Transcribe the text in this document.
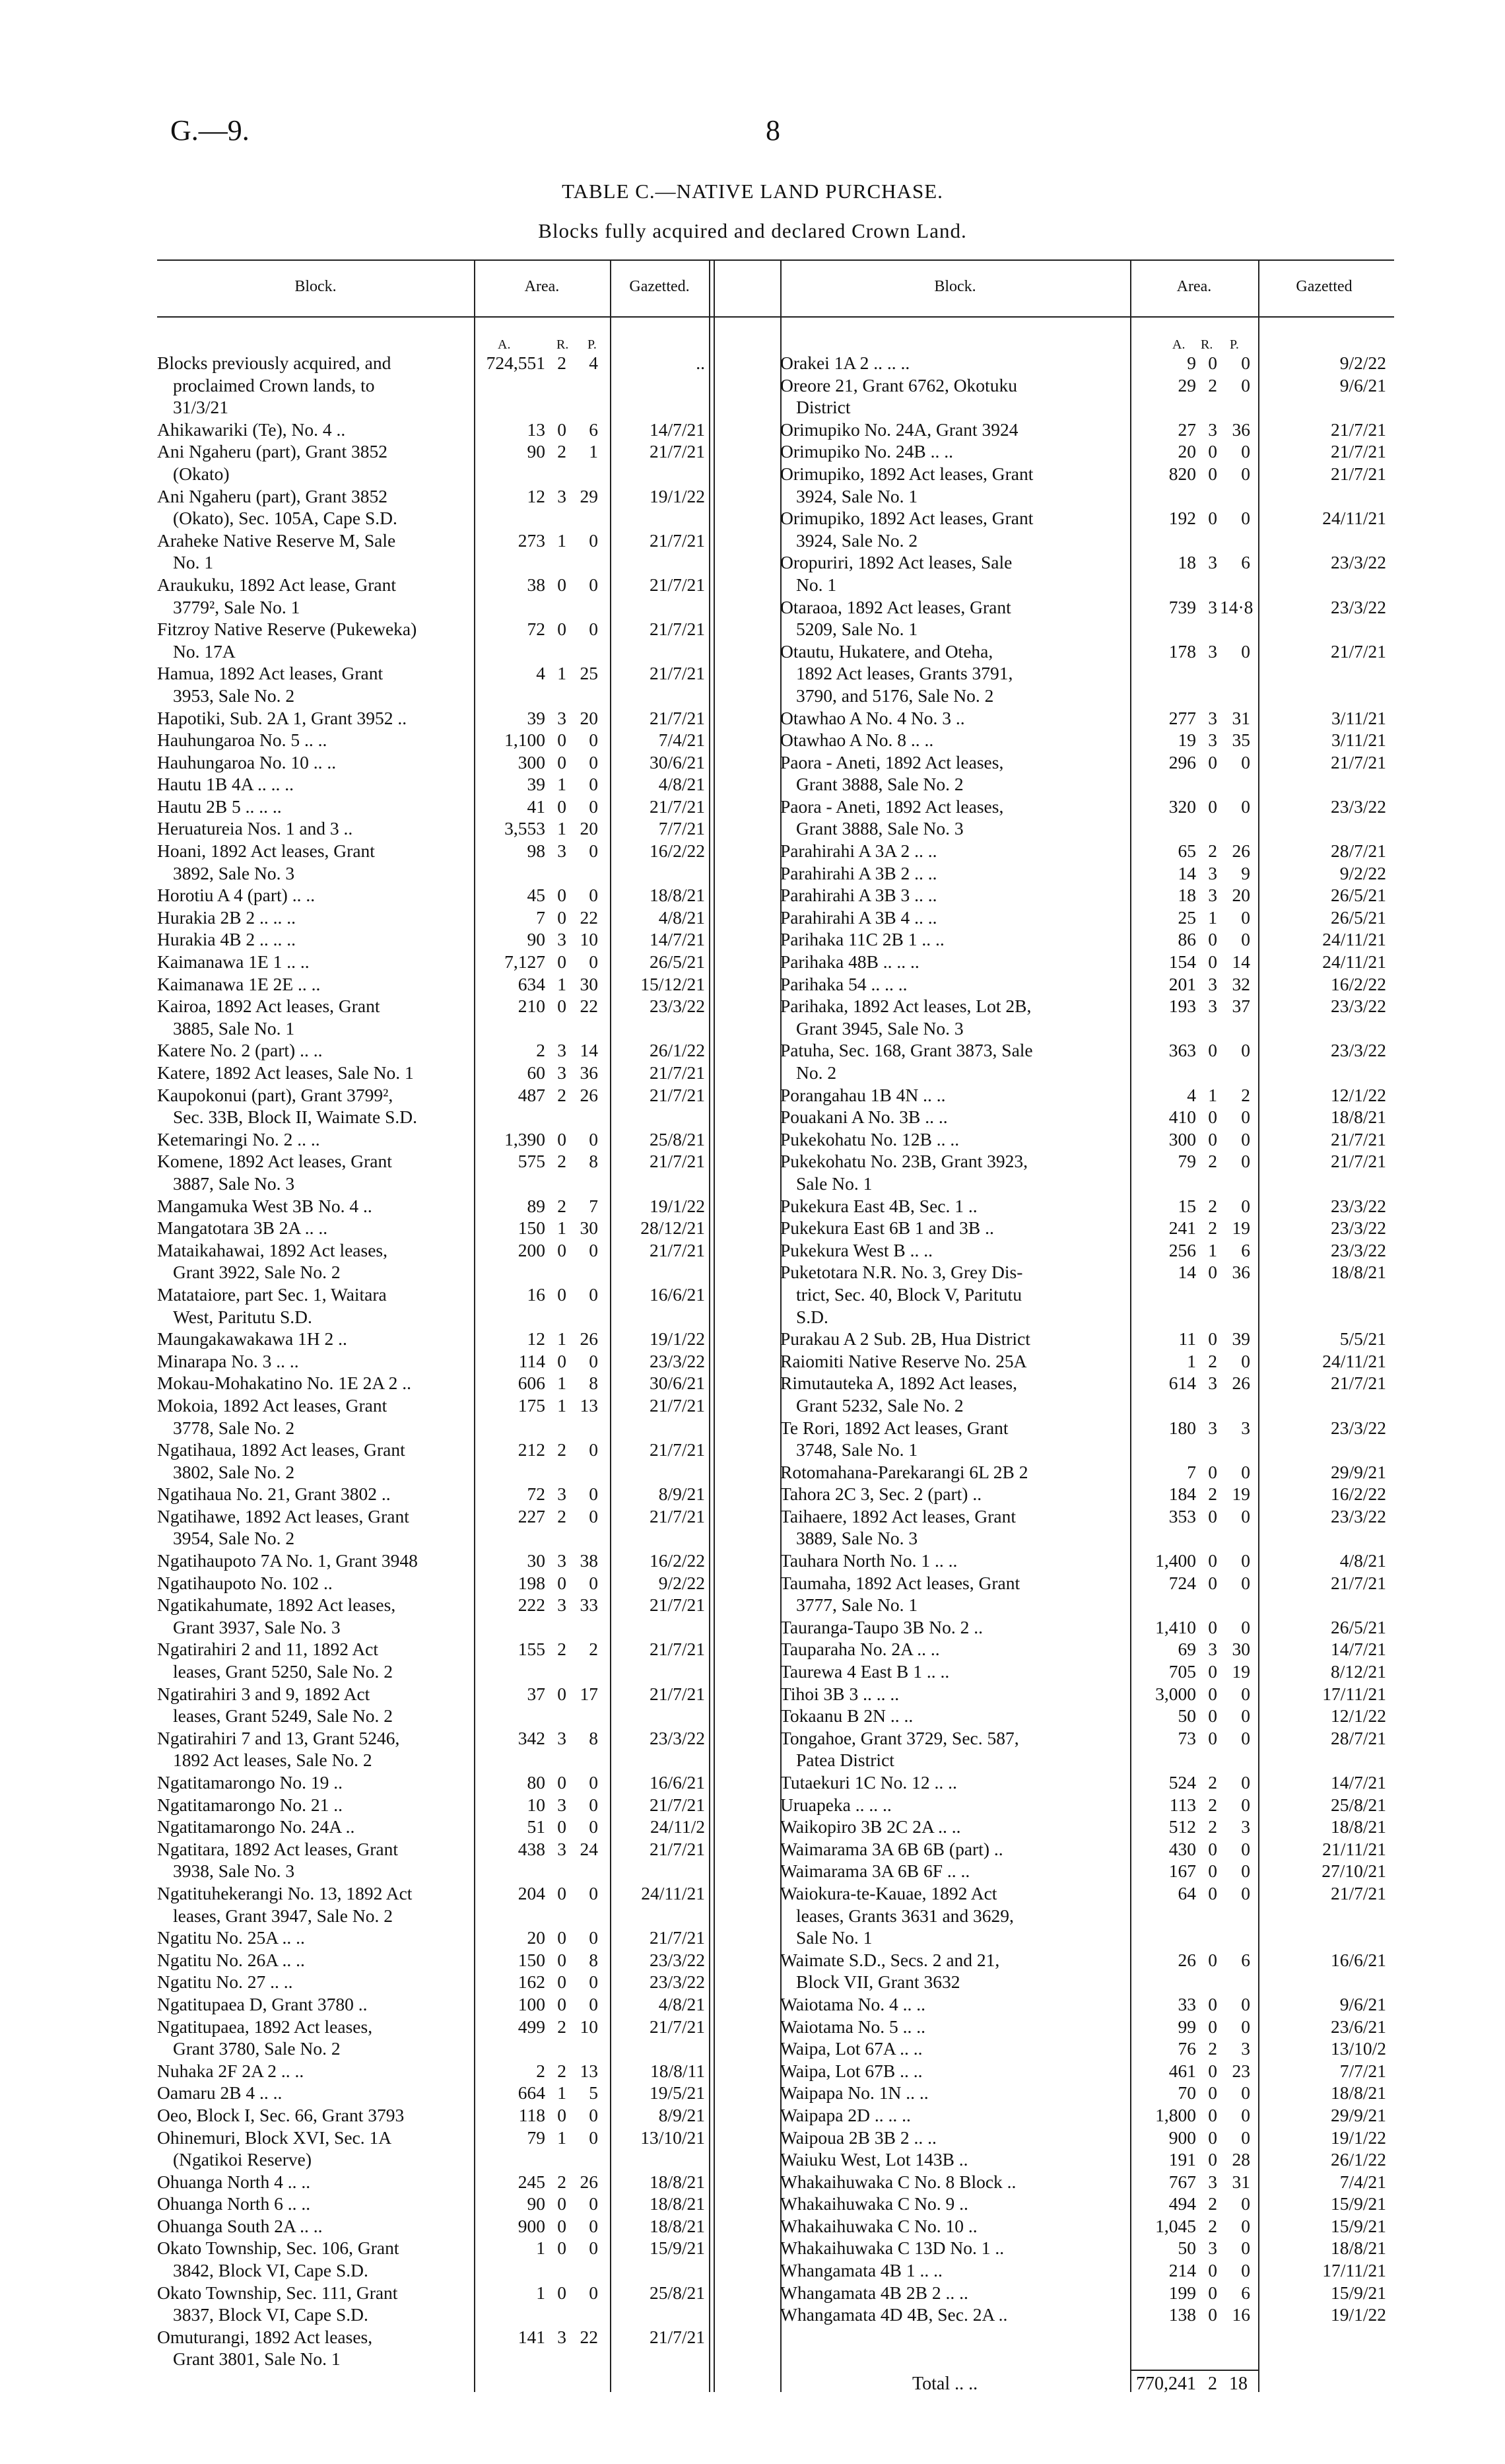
G.—9.	8
TABLE C.—NATIVE LAND PURCHASE.
Blocks fully acquired and declared Crown Land.
Block.	Area.	Gazetted.
A.	R. P.
Blocks previously acquired, and
proclaimed Crown lands, to
31/3/21
724,551 2	4	..
Ahikawariki (Te), No. 4 ..	13 0	6	14/7/21
Ani Ngaheru (part), Grant 3852
(Okato)
90 2	1	21/7/21
Ani Ngaheru (part), Grant 3852
(Okato), Sec. 105A, Cape S.D.
12 3 29	19/1/22
Araheke Native Reserve M, Sale
No. 1
273 1	0	21/7/21
Araukuku, 1892 Act lease, Grant
3779², Sale No. 1
38 0	0	21/7/21
Fitzroy Native Reserve (Pukeweka)
No. 17A
72 0	0	21/7/21
Hamua, 1892 Act leases, Grant
3953, Sale No. 2
4 1 25	21/7/21
Hapotiki, Sub. 2A 1, Grant 3952 ..	39 3 20	21/7/21
Hauhungaroa No. 5 .. ..	1,100 0	0	7/4/21
Hauhungaroa No. 10 .. ..	300 0	0	30/6/21
Hautu 1B 4A .. .. ..	39 1	0	4/8/21
Hautu 2B 5 .. .. ..	41 0	0	21/7/21
Heruatureia Nos. 1 and 3 ..	3,553 1 20	7/7/21
Hoani, 1892 Act leases, Grant
3892, Sale No. 3
98 3	0	16/2/22
Horotiu A 4 (part) .. ..	45 0	0	18/8/21
Hurakia 2B 2 .. .. ..	7 0 22	4/8/21
Hurakia 4B 2 .. .. ..	90 3 10	14/7/21
Kaimanawa 1E 1 .. ..	7,127 0	0	26/5/21
Kaimanawa 1E 2E .. ..	634 1 30	15/12/21
Kairoa, 1892 Act leases, Grant
3885, Sale No. 1
210 0 22	23/3/22
Katere No. 2 (part) .. ..	2 3 14	26/1/22
Katere, 1892 Act leases, Sale No. 1	60 3 36	21/7/21
Kaupokonui (part), Grant 3799²,
Sec. 33B, Block II, Waimate S.D.
487 2 26	21/7/21
Ketemaringi No. 2 .. ..	1,390 0	0	25/8/21
Komene, 1892 Act leases, Grant
3887, Sale No. 3
575 2	8	21/7/21
Mangamuka West 3B No. 4 ..	89 2	7	19/1/22
Mangatotara 3B 2A .. ..	150 1 30	28/12/21
Mataikahawai, 1892 Act leases,
Grant 3922, Sale No. 2
200 0	0	21/7/21
Matataiore, part Sec. 1, Waitara
West, Paritutu S.D.
16 0	0	16/6/21
Maungakawakawa 1H 2 ..	12 1 26	19/1/22
Minarapa No. 3 .. ..	114 0	0	23/3/22
Mokau-Mohakatino No. 1E 2A 2 ..	606 1	8	30/6/21
Mokoia, 1892 Act leases, Grant
3778, Sale No. 2
175 1 13	21/7/21
Ngatihaua, 1892 Act leases, Grant
3802, Sale No. 2
212 2	0	21/7/21
Ngatihaua No. 21, Grant 3802 ..	72 3	0	8/9/21
Ngatihawe, 1892 Act leases, Grant
3954, Sale No. 2
227 2	0	21/7/21
Ngatihaupoto 7A No. 1, Grant 3948	30 3 38	16/2/22
Ngatihaupoto No. 102 ..	198 0	0	9/2/22
Ngatikahumate, 1892 Act leases,
Grant 3937, Sale No. 3
222 3 33	21/7/21
Ngatirahiri 2 and 11, 1892 Act
leases, Grant 5250, Sale No. 2
155 2	2	21/7/21
Ngatirahiri 3 and 9, 1892 Act
leases, Grant 5249, Sale No. 2
37 0 17	21/7/21
Ngatirahiri 7 and 13, Grant 5246,
1892 Act leases, Sale No. 2
342 3	8	23/3/22
Ngatitamarongo No. 19 ..	80 0	0	16/6/21
Ngatitamarongo No. 21 ..	10 3	0	21/7/21
Ngatitamarongo No. 24A ..	51 0	0	24/11/2
Ngatitara, 1892 Act leases, Grant
3938, Sale No. 3
438 3 24	21/7/21
Ngatituhekerangi No. 13, 1892 Act
leases, Grant 3947, Sale No. 2
204 0	0	24/11/21
Ngatitu No. 25A .. ..	20 0	0	21/7/21
Ngatitu No. 26A .. ..	150 0	8	23/3/22
Ngatitu No. 27 .. ..	162 0	0	23/3/22
Ngatitupaea D, Grant 3780 ..	100 0	0	4/8/21
Ngatitupaea, 1892 Act leases,
Grant 3780, Sale No. 2
499 2 10	21/7/21
Nuhaka 2F 2A 2 .. ..	2 2 13	18/8/11
Oamaru 2B 4 .. ..	664 1	5	19/5/21
Oeo, Block I, Sec. 66, Grant 3793	118 0	0	8/9/21
Ohinemuri, Block XVI, Sec. 1A
(Ngatikoi Reserve)
79 1	0	13/10/21
Ohuanga North 4 .. ..	245 2 26	18/8/21
Ohuanga North 6 .. ..	90 0	0	18/8/21
Ohuanga South 2A .. ..	900 0	0	18/8/21
Okato Township, Sec. 106, Grant
3842, Block VI, Cape S.D.
1 0	0	15/9/21
Okato Township, Sec. 111, Grant
3837, Block VI, Cape S.D.
1 0	0	25/8/21
Omuturangi, 1892 Act leases,
Grant 3801, Sale No. 1
141 3 22	21/7/21
Block.	Area.	Gazetted
A. R. P.
Orakei 1A 2 .. .. ..	9 0	0	9/2/22
Oreore 21, Grant 6762, Okotuku
District
29 2	0	9/6/21
Orimupiko No. 24A, Grant 3924	27 3 36	21/7/21
Orimupiko No. 24B .. ..	20 0	0	21/7/21
Orimupiko, 1892 Act leases, Grant
3924, Sale No. 1
820 0	0	21/7/21
Orimupiko, 1892 Act leases, Grant
3924, Sale No. 2
192 0	0	24/11/21
Oropuriri, 1892 Act leases, Sale
No. 1
18 3	6	23/3/22
Otaraoa, 1892 Act leases, Grant
5209, Sale No. 1
739 3 14·8	23/3/22
Otautu, Hukatere, and Oteha,
1892 Act leases, Grants 3791,
3790, and 5176, Sale No. 2
178 3	0	21/7/21
Otawhao A No. 4 No. 3 ..	277 3 31	3/11/21
Otawhao A No. 8 .. ..	19 3 35	3/11/21
Paora - Aneti, 1892 Act leases,
Grant 3888, Sale No. 2
296 0	0	21/7/21
Paora - Aneti, 1892 Act leases,
Grant 3888, Sale No. 3
320 0	0	23/3/22
Parahirahi A 3A 2 .. ..	65 2 26	28/7/21
Parahirahi A 3B 2 .. ..	14 3	9	9/2/22
Parahirahi A 3B 3 .. ..	18 3 20	26/5/21
Parahirahi A 3B 4 .. ..	25 1	0	26/5/21
Parihaka 11C 2B 1 .. ..	86 0	0	24/11/21
Parihaka 48B .. .. ..	154 0 14	24/11/21
Parihaka 54 .. .. ..	201 3 32	16/2/22
Parihaka, 1892 Act leases, Lot 2B,
Grant 3945, Sale No. 3
193 3 37	23/3/22
Patuha, Sec. 168, Grant 3873, Sale
No. 2
363 0	0	23/3/22
Porangahau 1B 4N .. ..	4 1	2	12/1/22
Pouakani A No. 3B .. ..	410 0	0	18/8/21
Pukekohatu No. 12B .. ..	300 0	0	21/7/21
Pukekohatu No. 23B, Grant 3923,
Sale No. 1
79 2	0	21/7/21
Pukekura East 4B, Sec. 1 ..	15 2	0	23/3/22
Pukekura East 6B 1 and 3B ..	241 2 19	23/3/22
Pukekura West B .. ..	256 1	6	23/3/22
Puketotara N.R. No. 3, Grey Dis-
trict, Sec. 40, Block V, Paritutu
S.D.
14 0 36	18/8/21
Purakau A 2 Sub. 2B, Hua District	11 0 39	5/5/21
Raiomiti Native Reserve No. 25A	1 2	0	24/11/21
Rimutauteka A, 1892 Act leases,
Grant 5232, Sale No. 2
614 3 26	21/7/21
Te Rori, 1892 Act leases, Grant
3748, Sale No. 1
180 3	3	23/3/22
Rotomahana-Parekarangi 6L 2B 2	7 0	0	29/9/21
Tahora 2C 3, Sec. 2 (part) ..	184 2 19	16/2/22
Taihaere, 1892 Act leases, Grant
3889, Sale No. 3
353 0	0	23/3/22
Tauhara North No. 1 .. ..	1,400 0	0	4/8/21
Taumaha, 1892 Act leases, Grant
3777, Sale No. 1
724 0	0	21/7/21
Tauranga-Taupo 3B No. 2 ..	1,410 0	0	26/5/21
Tauparaha No. 2A .. ..	69 3 30	14/7/21
Taurewa 4 East B 1 .. ..	705 0 19	8/12/21
Tihoi 3B 3 .. .. ..	3,000 0	0	17/11/21
Tokaanu B 2N .. ..	50 0	0	12/1/22
Tongahoe, Grant 3729, Sec. 587,
Patea District
73 0	0	28/7/21
Tutaekuri 1C No. 12 .. ..	524 2	0	14/7/21
Uruapeka .. .. ..	113 2	0	25/8/21
Waikopiro 3B 2C 2A .. ..	512 2	3	18/8/21
Waimarama 3A 6B 6B (part) ..	430 0	0	21/11/21
Waimarama 3A 6B 6F .. ..	167 0	0	27/10/21
Waiokura-te-Kauae, 1892 Act
leases, Grants 3631 and 3629,
Sale No. 1
64 0	0	21/7/21
Waimate S.D., Secs. 2 and 21,
Block VII, Grant 3632
26 0	6	16/6/21
Waiotama No. 4 .. ..	33 0	0	9/6/21
Waiotama No. 5 .. ..	99 0	0	23/6/21
Waipa, Lot 67A .. ..	76 2	3	13/10/2
Waipa, Lot 67B .. ..	461 0 23	7/7/21
Waipapa No. 1N .. ..	70 0	0	18/8/21
Waipapa 2D .. .. ..	1,800 0	0	29/9/21
Waipoua 2B 3B 2 .. ..	900 0	0	19/1/22
Waiuku West, Lot 143B ..	191 0 28	26/1/22
Whakaihuwaka C No. 8 Block ..	767 3 31	7/4/21
Whakaihuwaka C No. 9 ..	494 2	0	15/9/21
Whakaihuwaka C No. 10 ..	1,045 2	0	15/9/21
Whakaihuwaka C 13D No. 1 ..	50 3	0	18/8/21
Whangamata 4B 1 .. ..	214 0	0	17/11/21
Whangamata 4B 2B 2 .. ..	199 0	6	15/9/21
Whangamata 4D 4B, Sec. 2A ..	138 0 16	19/1/22
Total .. ..	770,241 2 18
